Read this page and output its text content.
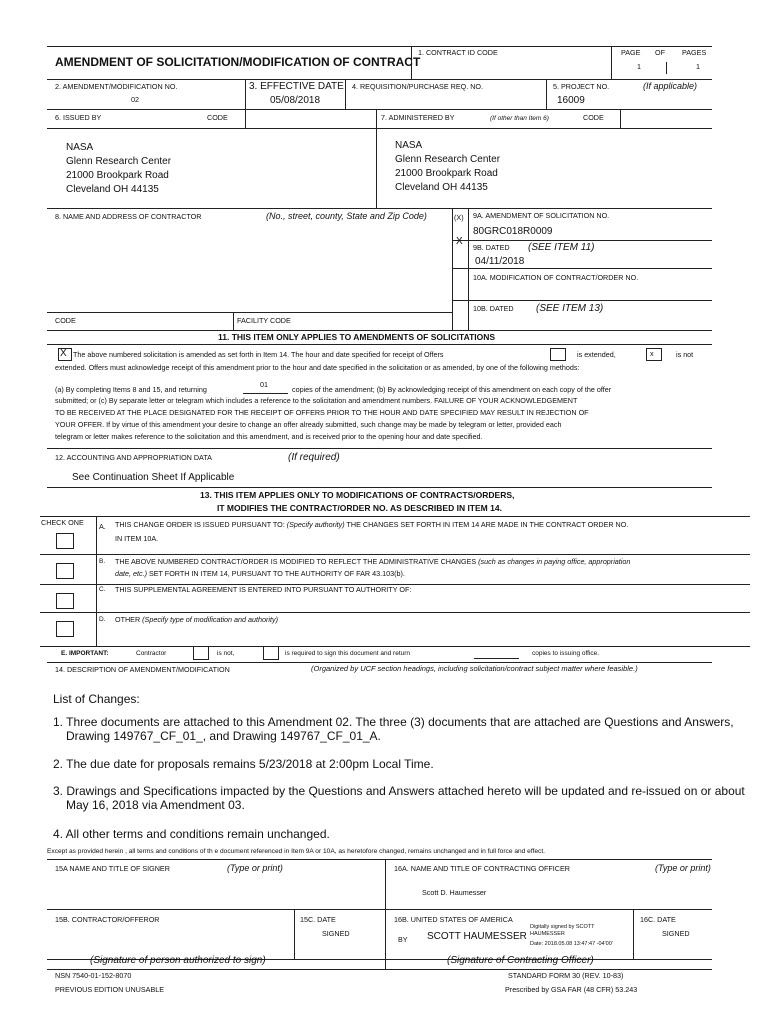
AMENDMENT OF SOLICITATION/MODIFICATION OF CONTRACT
1. CONTRACT ID CODE	PAGE OF PAGES
1	1
2. AMENDMENT/MODIFICATION NO.
02
3. EFFECTIVE DATE
05/08/2018
4. REQUISITION/PURCHASE REQ. NO.	5. PROJECT NO.	(If applicable)
16009
6. ISSUED BY	CODE	7. ADMINISTERED BY	(If other than Item 6)	CODE
NASA
Glenn Research Center
21000 Brookpark Road
Cleveland OH 44135
NASA
Glenn Research Center
21000 Brookpark Road
Cleveland OH 44135
8. NAME AND ADDRESS OF CONTRACTOR	(No., street, county, State and Zip Code)	(X)
X
9A. AMENDMENT OF SOLICITATION NO.
80GRC018R0009
9B. DATED (SEE ITEM 11)
04/11/2018
10A. MODIFICATION OF CONTRACT/ORDER NO.
10B. DATED (SEE ITEM 13)
CODE	FACILITY CODE
11. THIS ITEM ONLY APPLIES TO AMENDMENTS OF SOLICITATIONS
X The above numbered solicitation is amended as set forth in Item 14. The hour and date specified for receipt of Offers	is extended,	x	is not
extended. Offers must acknowledge receipt of this amendment prior to the hour and date specified in the solicitation or as amended, by one of the following methods:
(a) By completing Items 8 and 15, and returning
01
copies of the amendment; (b) By acknowledging receipt of this amendment on each copy of the offer
submitted; or (c) By separate letter or telegram which includes a reference to the solicitation and amendment numbers. FAILURE OF YOUR ACKNOWLEDGEMENT
TO BE RECEIVED AT THE PLACE DESIGNATED FOR THE RECEIPT OF OFFERS PRIOR TO THE HOUR AND DATE SPECIFIED MAY RESULT IN REJECTION OF
YOUR OFFER. If by virtue of this amendment your desire to change an offer already submitted, such change may be made by telegram or letter, provided each
telegram or letter makes reference to the solicitation and this amendment, and is received prior to the opening hour and date specified.
12. ACCOUNTING AND APPROPRIATION DATA	(If required)
See Continuation Sheet If Applicable
13. THIS ITEM APPLIES ONLY TO MODIFICATIONS OF CONTRACTS/ORDERS,
IT MODIFIES THE CONTRACT/ORDER NO. AS DESCRIBED IN ITEM 14.
CHECK ONE A. THIS CHANGE ORDER IS ISSUED PURSUANT TO: (Specify authority) THE CHANGES SET FORTH IN ITEM 14 ARE MADE IN THE CONTRACT ORDER NO.
IN ITEM 10A.
B. THE ABOVE NUMBERED CONTRACT/ORDER IS MODIFIED TO REFLECT THE ADMINISTRATIVE CHANGES (such as changes in paying office, appropriation
date, etc.) SET FORTH IN ITEM 14, PURSUANT TO THE AUTHORITY OF FAR 43.103(b).
C. THIS SUPPLEMENTAL AGREEMENT IS ENTERED INTO PURSUANT TO AUTHORITY OF:
D. OTHER (Specify type of modification and authority)
E. IMPORTANT:	Contractor	is not,	is required to sign this document and return	copies to issuing office.
14. DESCRIPTION OF AMENDMENT/MODIFICATION	(Organized by UCF section headings, including solicitation/contract subject matter where feasible.)
List of Changes:
1. Three documents are attached to this Amendment 02. The three (3) documents that are attached are Questions and Answers,
Drawing 149767_CF_01_, and Drawing 149767_CF_01_A.
2. The due date for proposals remains 5/23/2018 at 2:00pm Local Time.
3. Drawings and Specifications impacted by the Questions and Answers attached hereto will be updated and re-issued on or about
May 16, 2018 via Amendment 03.
4. All other terms and conditions remain unchanged.
Except as provided herein , all terms and conditions of th e document referenced in Item 9A or 10A, as heretofore changed, remains unchanged and in full force and effect.
15A NAME AND TITLE OF SIGNER	(Type or print)	16A. NAME AND TITLE OF CONTRACTING OFFICER	(Type or print)
Scott D. Haumesser
15B. CONTRACTOR/OFFEROR	15C. DATE
SIGNED
16B. UNITED STATES OF AMERICA
BY SCOTT HAUMESSER
Digitally signed by SCOTT
HAUMESSER
Date: 2018.05.08 13:47:47 -04'00'
16C. DATE
SIGNED
(Signature of person authorized to sign)	(Signature of Contracting Officer)
NSN 7540-01-152-8070
PREVIOUS EDITION UNUSABLE
STANDARD FORM 30 (REV. 10-83)
Prescribed by GSA FAR (48 CFR) 53.243
